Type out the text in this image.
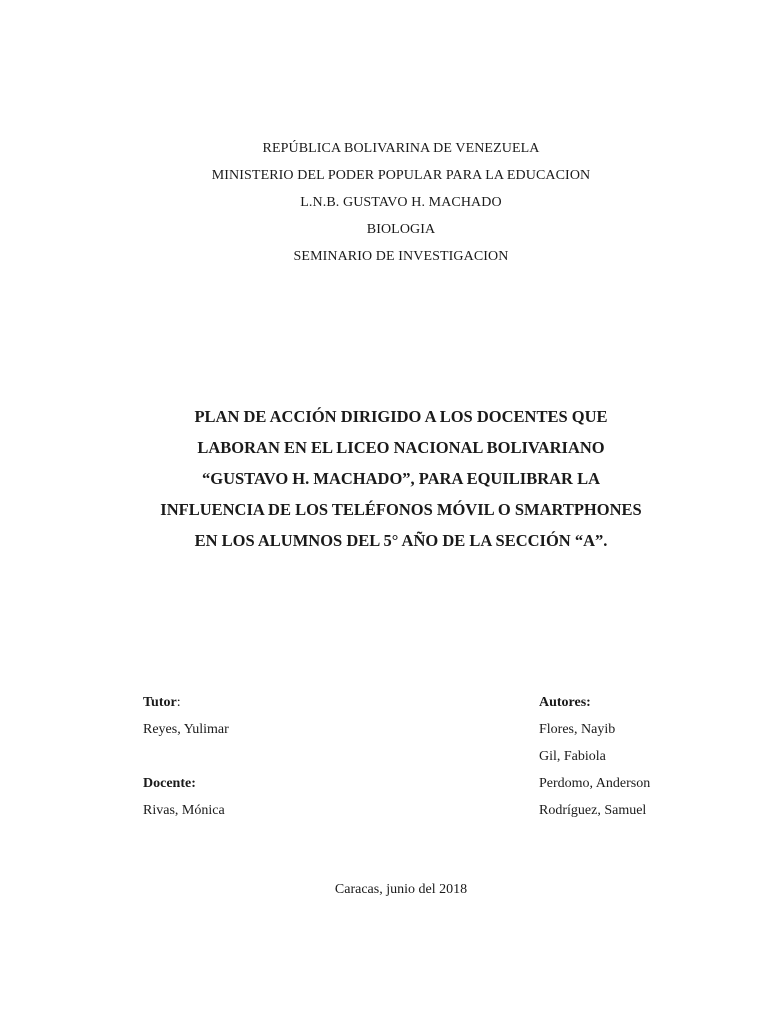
REPÚBLICA BOLIVARINA DE VENEZUELA
MINISTERIO DEL PODER POPULAR PARA LA EDUCACION
L.N.B. GUSTAVO H. MACHADO
BIOLOGIA
SEMINARIO DE INVESTIGACION
PLAN DE ACCIÓN DIRIGIDO A LOS DOCENTES QUE
LABORAN EN EL LICEO NACIONAL BOLIVARIANO
“GUSTAVO H. MACHADO”, PARA EQUILIBRAR LA
INFLUENCIA DE LOS TELÉFONOS MÓVIL O SMARTPHONES
EN LOS ALUMNOS DEL 5° AÑO DE LA SECCIÓN “A”.
Tutor:
Reyes, Yulimar
Docente:
Rivas, Mónica
Autores:
Flores, Nayib
Gil, Fabiola
Perdomo, Anderson
Rodríguez, Samuel
Caracas, junio del 2018
